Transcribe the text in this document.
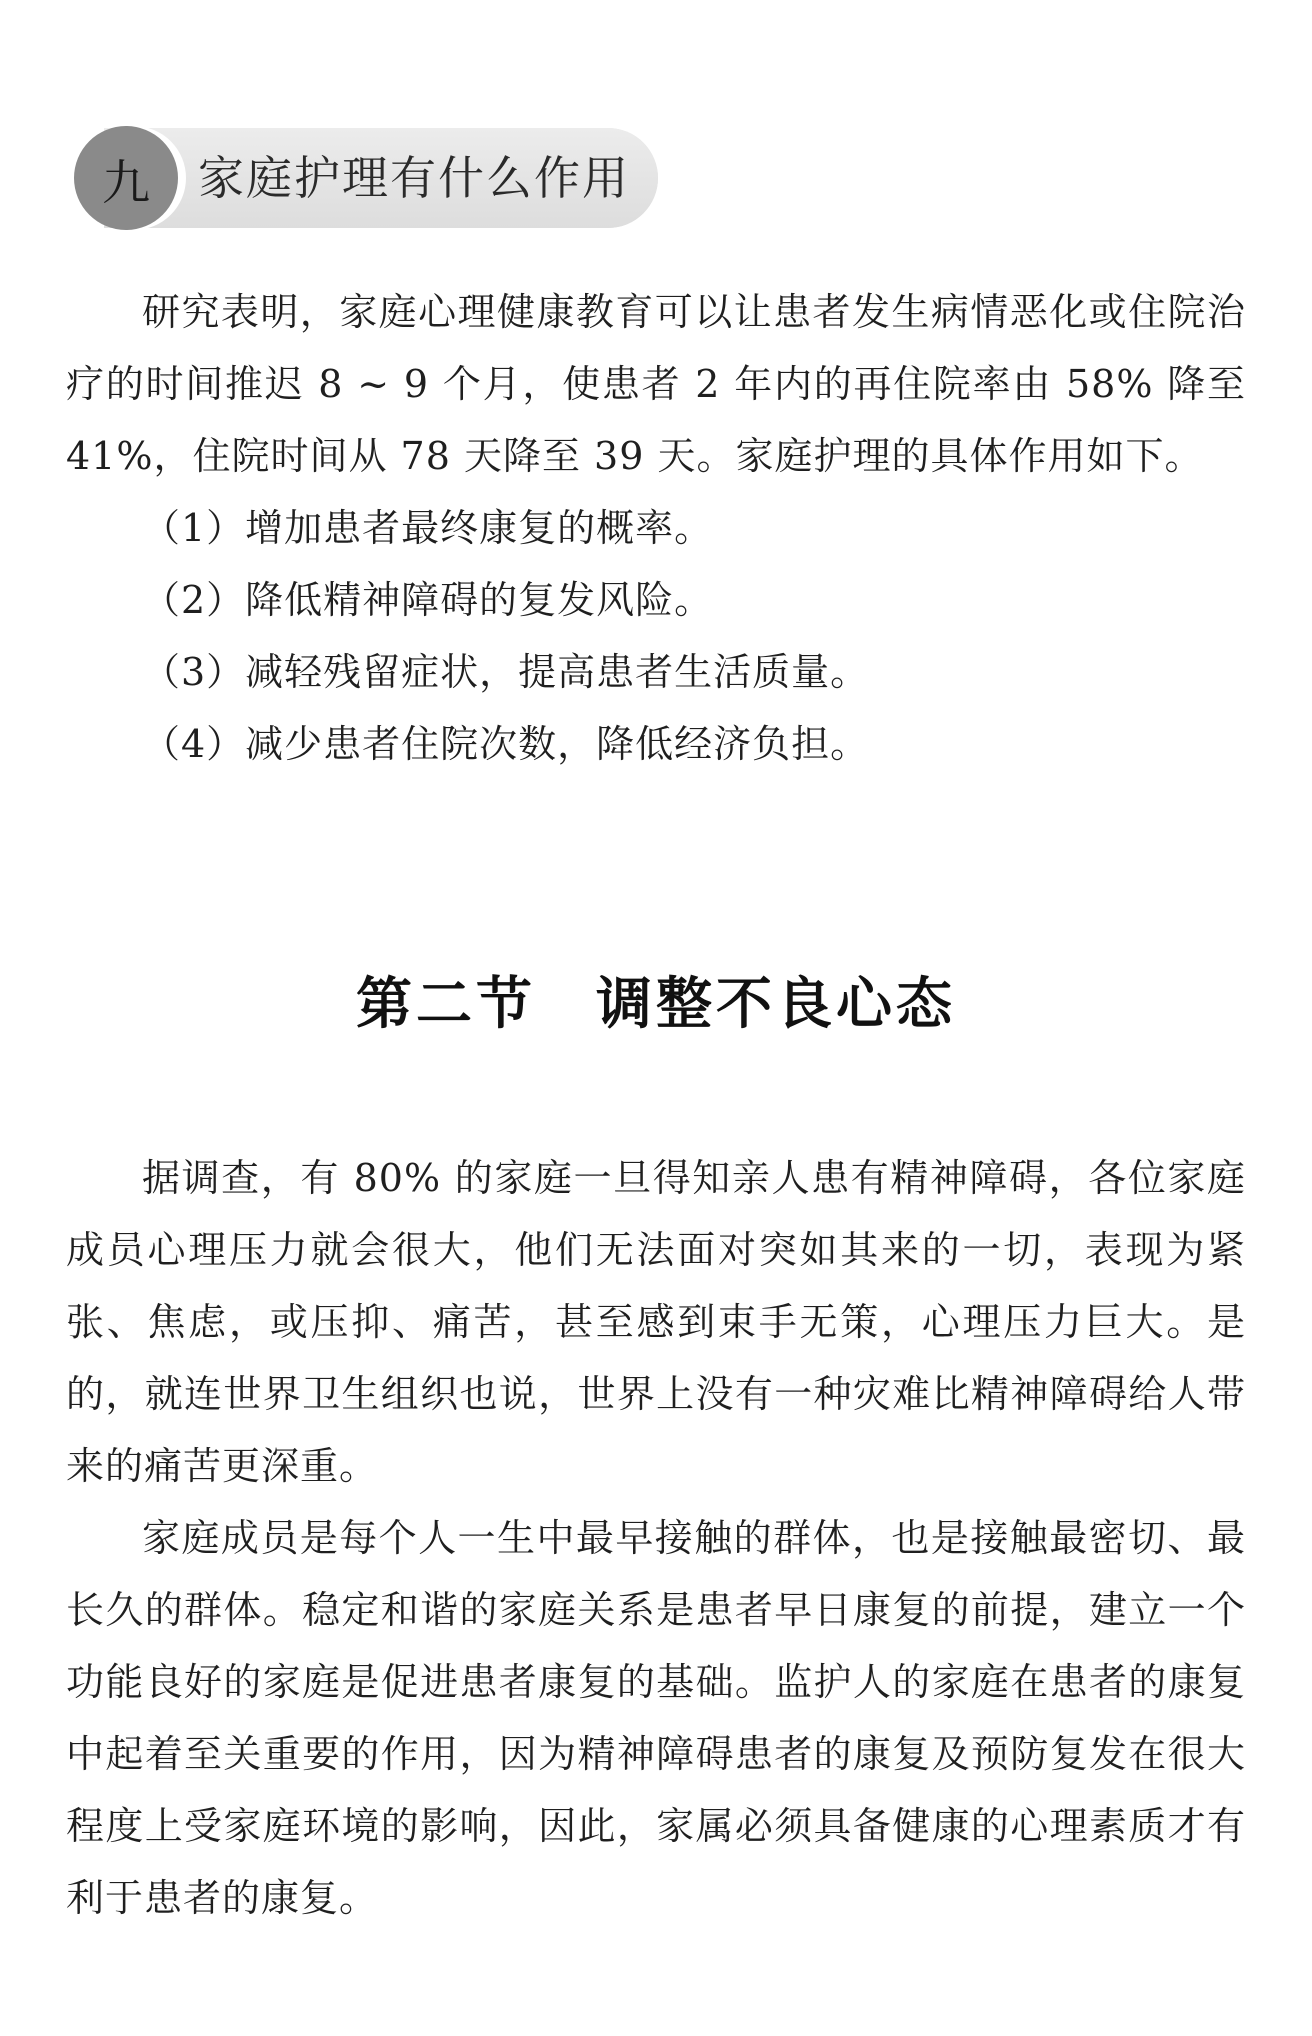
九	家庭护理有什么作用

研究表明，家庭心理健康教育可以让患者发生病情恶化或住院治疗的时间推迟 8 ~ 9 个月，使患者 2 年内的再住院率由 58% 降至 41%，住院时间从 78 天降至 39 天。家庭护理的具体作用如下。

（1）增加患者最终康复的概率。

（2）降低精神障碍的复发风险。

（3）减轻残留症状，提高患者生活质量。

（4）减少患者住院次数，降低经济负担。

第二节　调整不良心态

据调查，有 80% 的家庭一旦得知亲人患有精神障碍，各位家庭成员心理压力就会很大，他们无法面对突如其来的一切，表现为紧张、焦虑，或压抑、痛苦，甚至感到束手无策，心理压力巨大。是的，就连世界卫生组织也说，世界上没有一种灾难比精神障碍给人带来的痛苦更深重。

家庭成员是每个人一生中最早接触的群体，也是接触最密切、最长久的群体。稳定和谐的家庭关系是患者早日康复的前提，建立一个功能良好的家庭是促进患者康复的基础。监护人的家庭在患者的康复中起着至关重要的作用，因为精神障碍患者的康复及预防复发在很大程度上受家庭环境的影响，因此，家属必须具备健康的心理素质才有利于患者的康复。
